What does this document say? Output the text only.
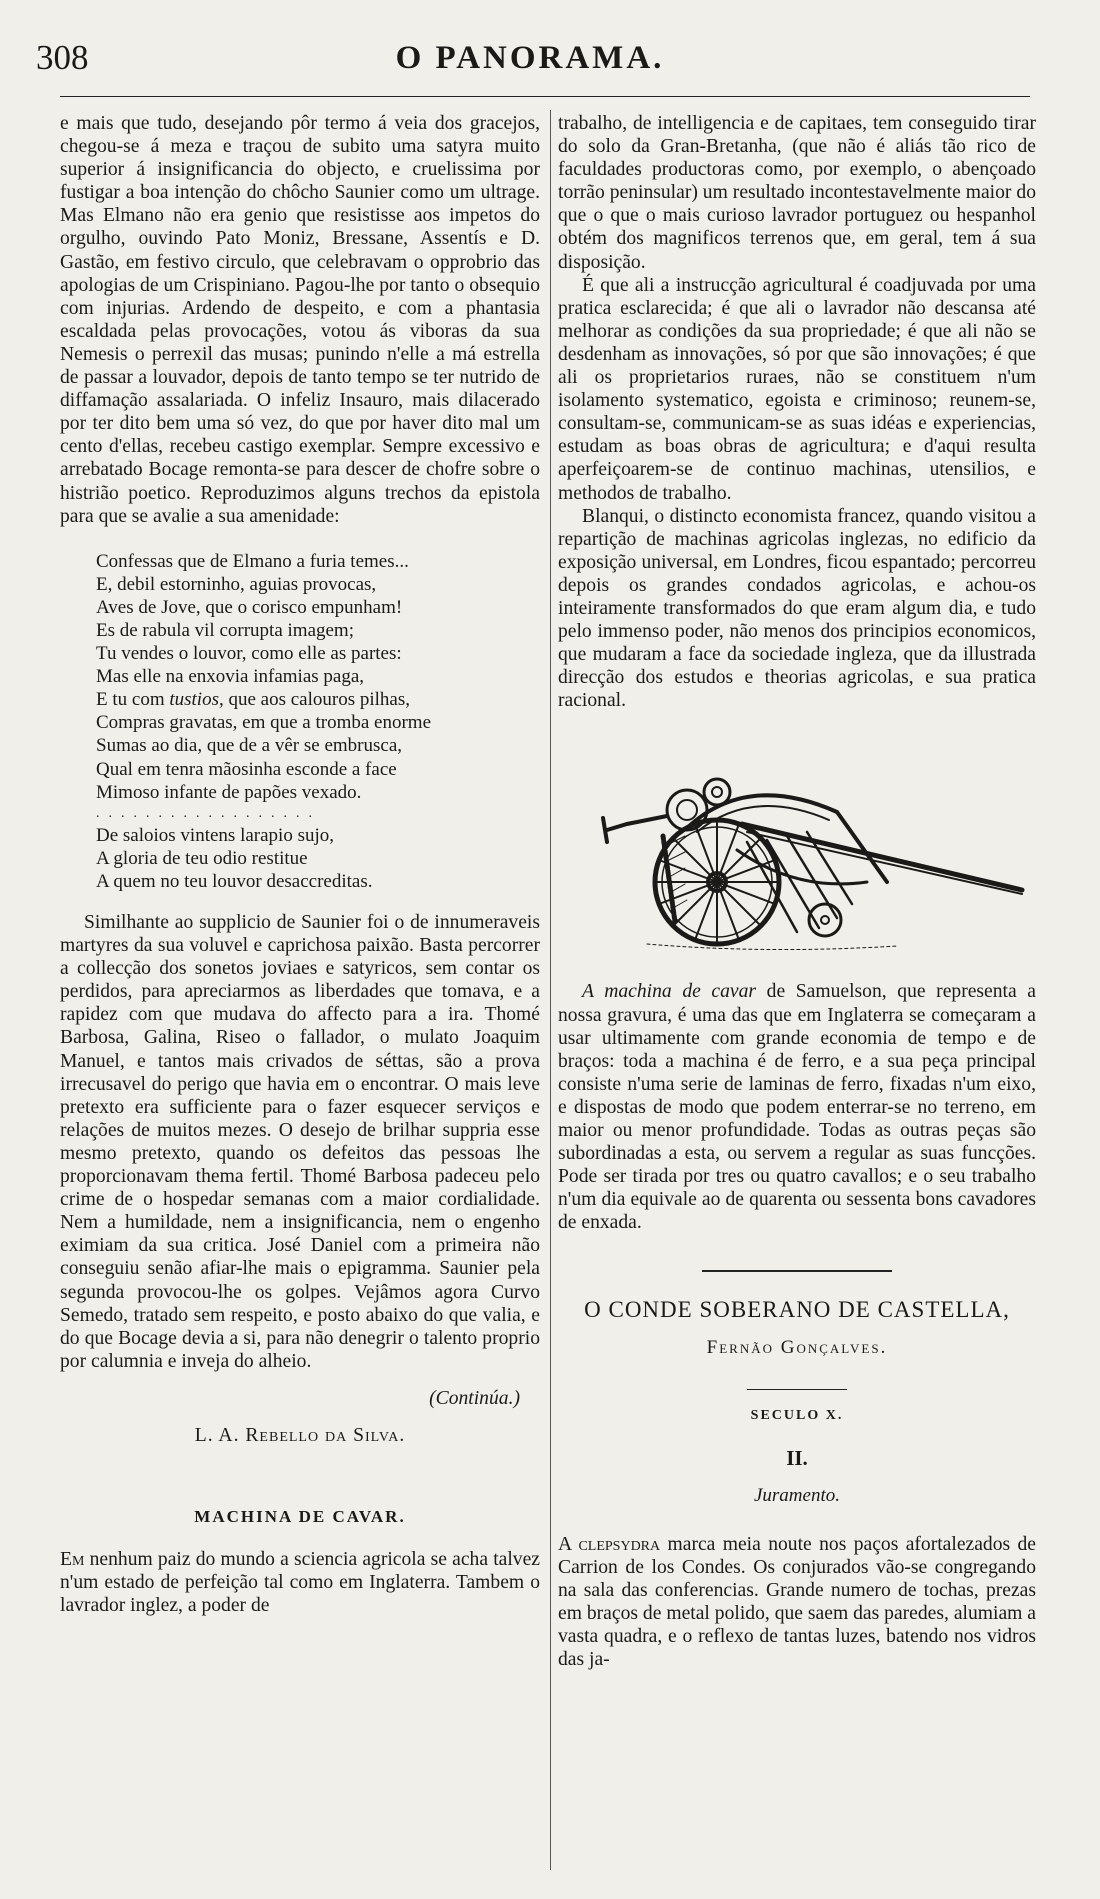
308	O PANORAMA.

e mais que tudo, desejando pôr termo á veia dos gracejos, chegou-se á meza e traçou de subito uma satyra muito superior á insignificancia do objecto, e cruelissima por fustigar a boa intenção do chôcho Saunier como um ultrage. Mas Elmano não era genio que resistisse aos impetos do orgulho, ouvindo Pato Moniz, Bressane, Assentís e D. Gastão, em festivo circulo, que celebravam o opprobrio das apologias de um Crispiniano. Pagou-lhe por tanto o obsequio com injurias. Ardendo de despeito, e com a phantasia escaldada pelas provocações, votou ás viboras da sua Nemesis o perrexil das musas; punindo n'elle a má estrella de passar a louvador, depois de tanto tempo se ter nutrido de diffamação assalariada. O infeliz Insauro, mais dilacerado por ter dito bem uma só vez, do que por haver dito mal um cento d'ellas, recebeu castigo exemplar. Sempre excessivo e arrebatado Bocage remonta-se para descer de chofre sobre o histrião poetico. Reproduzimos alguns trechos da epistola para que se avalie a sua amenidade:

Confessas que de Elmano a furia temes...
E, debil estorninho, aguias provocas,
Aves de Jove, que o corisco empunham!
Es de rabula vil corrupta imagem;
Tu vendes o louvor, como elle as partes:
Mas elle na enxovia infamias paga,
E tu com tustios, que aos calouros pilhas,
Compras gravatas, em que a tromba enorme
Sumas ao dia, que de a vêr se embrusca,
Qual em tenra mãosinha esconde a face
Mimoso infante de papões vexado.
..................
De saloios vintens larapio sujo,
A gloria de teu odio restitue
A quem no teu louvor desaccreditas.

Similhante ao supplicio de Saunier foi o de innumeraveis martyres da sua voluvel e caprichosa paixão. Basta percorrer a collecção dos sonetos joviaes e satyricos, sem contar os perdidos, para apreciarmos as liberdades que tomava, e a rapidez com que mudava do affecto para a ira. Thomé Barbosa, Galina, Riseo o fallador, o mulato Joaquim Manuel, e tantos mais crivados de séttas, são a prova irrecusavel do perigo que havia em o encontrar. O mais leve pretexto era sufficiente para o fazer esquecer serviços e relações de muitos mezes. O desejo de brilhar suppria esse mesmo pretexto, quando os defeitos das pessoas lhe proporcionavam thema fertil. Thomé Barbosa padeceu pelo crime de o hospedar semanas com a maior cordialidade. Nem a humildade, nem a insignificancia, nem o engenho eximiam da sua critica. José Daniel com a primeira não conseguiu senão afiar-lhe mais o epigramma. Saunier pela segunda provocou-lhe os golpes. Vejâmos agora Curvo Semedo, tratado sem respeito, e posto abaixo do que valia, e do que Bocage devia a si, para não denegrir o talento proprio por calumnia e inveja do alheio.

(Continúa.)
L. A. Rebello da Silva.
MACHINA DE CAVAR.

Em nenhum paiz do mundo a sciencia agricola se acha talvez n'um estado de perfeição tal como em Inglaterra. Tambem o lavrador inglez, a poder de

trabalho, de intelligencia e de capitaes, tem conseguido tirar do solo da Gran-Bretanha, (que não é aliás tão rico de faculdades productoras como, por exemplo, o abençoado torrão peninsular) um resultado incontestavelmente maior do que o que o mais curioso lavrador portuguez ou hespanhol obtém dos magnificos terrenos que, em geral, tem á sua disposição.

É que ali a instrucção agricultural é coadjuvada por uma pratica esclarecida; é que ali o lavrador não descansa até melhorar as condições da sua propriedade; é que ali não se desdenham as innovações, só por que são innovações; é que ali os proprietarios ruraes, não se constituem n'um isolamento systematico, egoista e criminoso; reunem-se, consultam-se, communicam-se as suas idéas e experiencias, estudam as boas obras de agricultura; e d'aqui resulta aperfeiçoarem-se de continuo machinas, utensilios, e methodos de trabalho.

Blanqui, o distincto economista francez, quando visitou a repartição de machinas agricolas inglezas, no edificio da exposição universal, em Londres, ficou espantado; percorreu depois os grandes condados agricolas, e achou-os inteiramente transformados do que eram algum dia, e tudo pelo immenso poder, não menos dos principios economicos, que mudaram a face da sociedade ingleza, que da illustrada direcção dos estudos e theorias agricolas, e sua pratica racional.

A machina de cavar de Samuelson, que representa a nossa gravura, é uma das que em Inglaterra se começaram a usar ultimamente com grande economia de tempo e de braços: toda a machina é de ferro, e a sua peça principal consiste n'uma serie de laminas de ferro, fixadas n'um eixo, e dispostas de modo que podem enterrar-se no terreno, em maior ou menor profundidade. Todas as outras peças são subordinadas a esta, ou servem a regular as suas funcções. Pode ser tirada por tres ou quatro cavallos; e o seu trabalho n'um dia equivale ao de quarenta ou sessenta bons cavadores de enxada.

O CONDE SOBERANO DE CASTELLA,
Fernão Gonçalves.
SECULO X.
II.
Juramento.

A clepsydra marca meia noute nos paços afortalezados de Carrion de los Condes. Os conjurados vão-se congregando na sala das conferencias. Grande numero de tochas, prezas em braços de metal polido, que saem das paredes, alumiam a vasta quadra, e o reflexo de tantas luzes, batendo nos vidros das ja-
